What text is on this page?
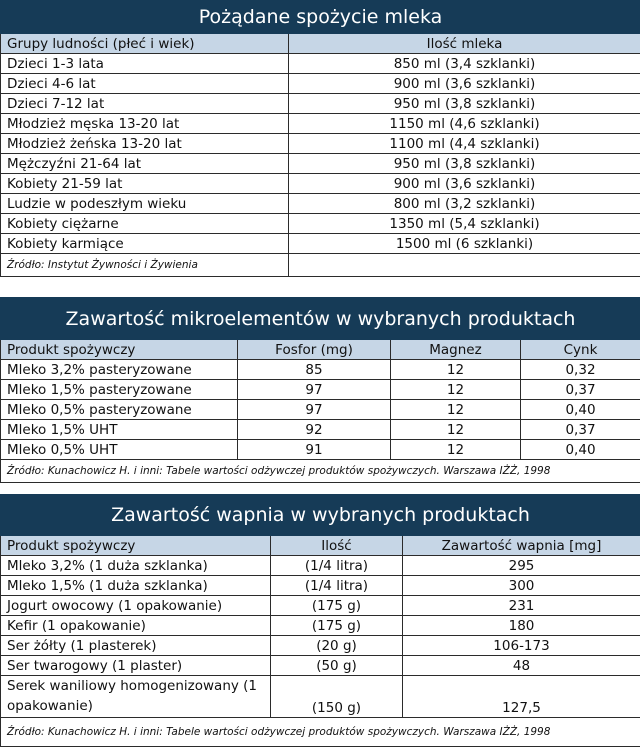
Pożądane spożycie mleka	
Grupy ludności (płeć i wiek)	Ilość mleka
Dzieci 1-3 lata	850 ml (3,4 szklanki)
Dzieci 4-6 lat	900 ml (3,6 szklanki)
Dzieci 7-12 lat	950 ml (3,8 szklanki)
Młodzież męska 13-20 lat	1150 ml (4,6 szklanki)
Młodzież żeńska 13-20 lat	1100 ml (4,4 szklanki)
Mężczyźni 21-64 lat	950 ml (3,8 szklanki)
Kobiety 21-59 lat	900 ml (3,6 szklanki)
Ludzie w podeszłym wieku	800 ml (3,2 szklanki)
Kobiety ciężarne	1350 ml (5,4 szklanki)
Kobiety karmiące	1500 ml (6 szklanki)
Źródło: Instytut Żywności i Żywienia	
Zawartość mikroelementów w wybranych produktach			
Produkt spożywczy	Fosfor (mg)	Magnez	Cynk
Mleko 3,2% pasteryzowane	85	12	0,32
Mleko 1,5% pasteryzowane	97	12	0,37
Mleko 0,5% pasteryzowane	97	12	0,40
Mleko 1,5% UHT	92	12	0,37
Mleko 0,5% UHT	91	12	0,40
Źródło: Kunachowicz H. i inni: Tabele wartości odżywczej produktów spożywczych. Warszawa IŻŻ, 1998			
Zawartość wapnia w wybranych produktach		
Produkt spożywczy	Ilość	Zawartość wapnia [mg]
Mleko 3,2% (1 duża szklanka)	(1/4 litra)	295
Mleko 1,5% (1 duża szklanka)	(1/4 litra)	300
Jogurt owocowy (1 opakowanie)	(175 g)	231
Kefir (1 opakowanie)	(175 g)	180
Ser żółty (1 plasterek)	(20 g)	106-173
Ser twarogowy (1 plaster)	(50 g)	48
Serek waniliowy homogenizowany (1 opakowanie)	(150 g)	127,5
Źródło: Kunachowicz H. i inni: Tabele wartości odżywczej produktów spożywczych. Warszawa IŻŻ, 1998		
